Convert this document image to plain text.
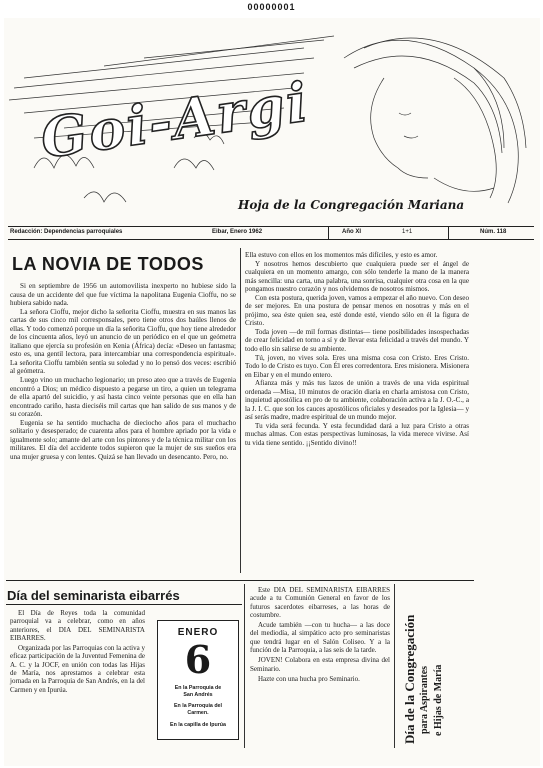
00000001
Goi-Argi
Hoja de la Congregación Mariana
Redacción: Dependencias parroquiales	Eibar, Enero 1962	Año XI	1+1	Núm. 118
LA NOVIA DE TODOS

Si en septiembre de 1956 un automovilista inexperto no hubiese sido la causa de un accidente del que fue víctima la napolitana Eugenia Cioffu, no se hubiera sabido nada.

La señora Cioffu, mejor dicho la señorita Cioffu, muestra en sus manos las cartas de sus cinco mil corresponsales, pero tiene otros dos baúles llenos de ellas. Y todo comenzó porque un día la señorita Cioffu, que hoy tiene alrededor de los cincuenta años, leyó un anuncio de un periódico en el que un geómetra italiano que ejercía su profesión en Kenia (África) decía: «Deseo un fantasma; esto es, una gentil lectora, para intercambiar una correspondencia espiritual». La señorita Cioffu también sentía su soledad y no lo pensó dos veces: escribió al geómetra.

Luego vino un muchacho legionario; un preso ateo que a través de Eugenia encontró a Dios; un médico dispuesto a pegarse un tiro, a quien un telegrama de ella apartó del suicidio, y así hasta cinco veinte personas que en ella han encontrado cariño, hasta dieciséis mil cartas que han salido de sus manos y de su corazón.

Eugenia se ha sentido muchacha de dieciocho años para el muchacho solitario y desesperado; de cuarenta años para el hombre apriado por la vida e igualmente solo; amante del arte con los pintores y de la técnica militar con los militares. El día del accidente todos supieron que la mujer de sus sueños era una mujer gruesa y con lentes. Quizá se han llevado un desencanto. Pero, no.

Ella estuvo con ellos en los momentos más difíciles, y esto es amor.

Y nosotros hemos descubierto que cualquiera puede ser el ángel de cualquiera en un momento amargo, con sólo tenderle la mano de la manera más sencilla: una carta, una palabra, una sonrisa, cualquier otra cosa en la que pongamos nuestro corazón y nos olvidemos de nosotros mismos.

Con esta postura, querida joven, vamos a empezar el año nuevo. Con deseo de ser mejores. En una postura de pensar menos en nosotras y más en el prójimo, sea éste quien sea, esté donde esté, viendo sólo en él la figura de Cristo.

Toda joven —de mil formas distintas— tiene posibilidades insospechadas de crear felicidad en torno a sí y de llevar esta felicidad a través del mundo. Y todo ello sin salirse de su ambiente.

Tú, joven, no vives sola. Eres una misma cosa con Cristo. Eres Cristo. Todo lo de Cristo es tuyo. Con Él eres corredentora. Eres misionera. Misionera en Eibar y en el mundo entero.

Afianza más y más tus lazos de unión a través de una vida espiritual ordenada —Misa, 10 minutos de oración diaria en charla amistosa con Cristo, inquietud apostólica en pro de tu ambiente, colaboración activa a la J. O.-C., a la J. I. C. que son los cauces apostólicos oficiales y deseados por la Iglesia— y así serás madre, madre espiritual de un mundo mejor.

Tu vida será fecunda. Y esta fecundidad dará a luz para Cristo a otras muchas almas. Con estas perspectivas luminosas, la vida merece vivirse. Así tu vida tiene sentido. ¡¡Sentido divino!!

Día del seminarista eibarrés

El Día de Reyes toda la comunidad parroquial va a celebrar, como en años anteriores, el DIA DEL SEMINARISTA EIBARRES.

Organizada por las Parroquias con la activa y eficaz participación de la Juventud Femenina de A. C. y la JOCF, en unión con todas las Hijas de María, nos aprestamos a celebrar esta jornada en la Parroquia de San Andrés, en la del Carmen y en Ipurúa.

ENERO
6
En la Parroquia de
San Andrés
En la Parroquia del
Carmen.
En la capilla de Ipurúa

Este DIA DEL SEMINARISTA EIBARRES acude a tu Comunión General en favor de los futuros sacerdotes eibarreses, a las horas de costumbre.

Acude también —con tu hucha— a las doce del mediodía, al simpático acto pro seminaristas que tendrá lugar en el Salón Coliseo. Y a la función de la Parroquia, a las seis de la tarde.

JOVEN! Colabora en esta empresa divina del Seminario.

Hazte con una hucha pro Seminario.	Día de la Congregación para Aspirantes e Hijas de María
